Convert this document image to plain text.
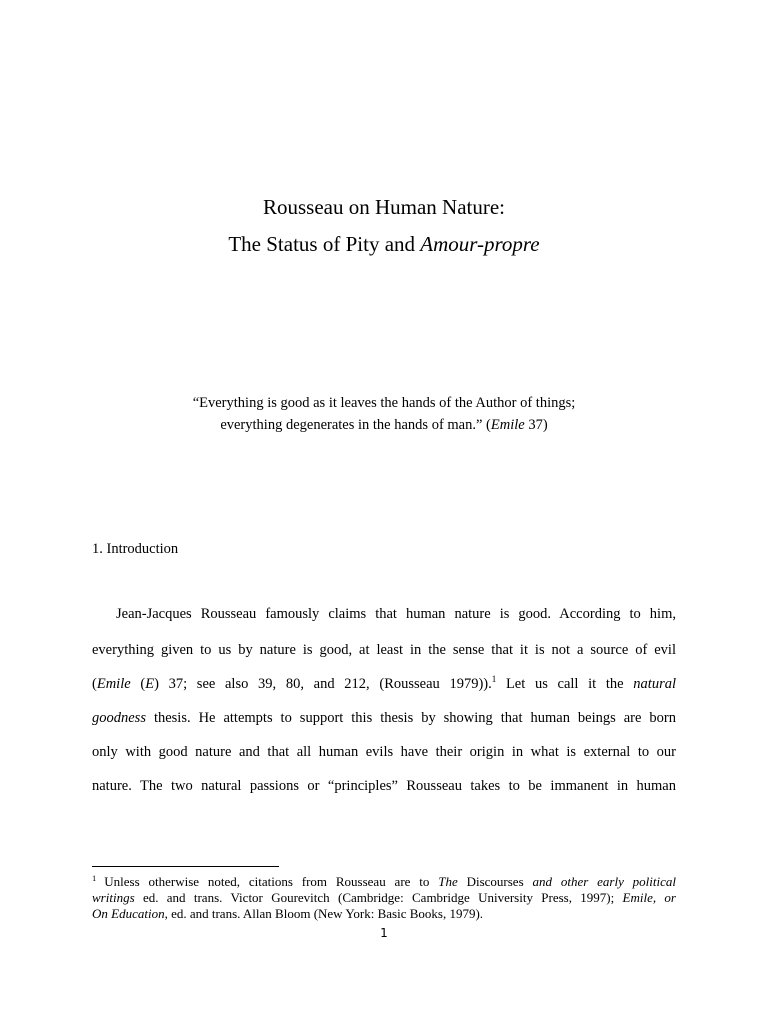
Rousseau on Human Nature:
The Status of Pity and Amour-propre
“Everything is good as it leaves the hands of the Author of things;
everything degenerates in the hands of man.” (Emile 37)
1. Introduction
Jean-Jacques Rousseau famously claims that human nature is good. According to him,
everything given to us by nature is good, at least in the sense that it is not a source of evil
(Emile (E) 37; see also 39, 80, and 212, (Rousseau 1979)).$^1$ Let us call it the natural
goodness thesis. He attempts to support this thesis by showing that human beings are born
only with good nature and that all human evils have their origin in what is external to our
nature. The two natural passions or “principles” Rousseau takes to be immanent in human
$^1$ Unless otherwise noted, citations from Rousseau are to The Discourses and other early political
writings ed. and trans. Victor Gourevitch (Cambridge: Cambridge University Press, 1997); Emile, or
On Education, ed. and trans. Allan Bloom (New York: Basic Books, 1979).
1
